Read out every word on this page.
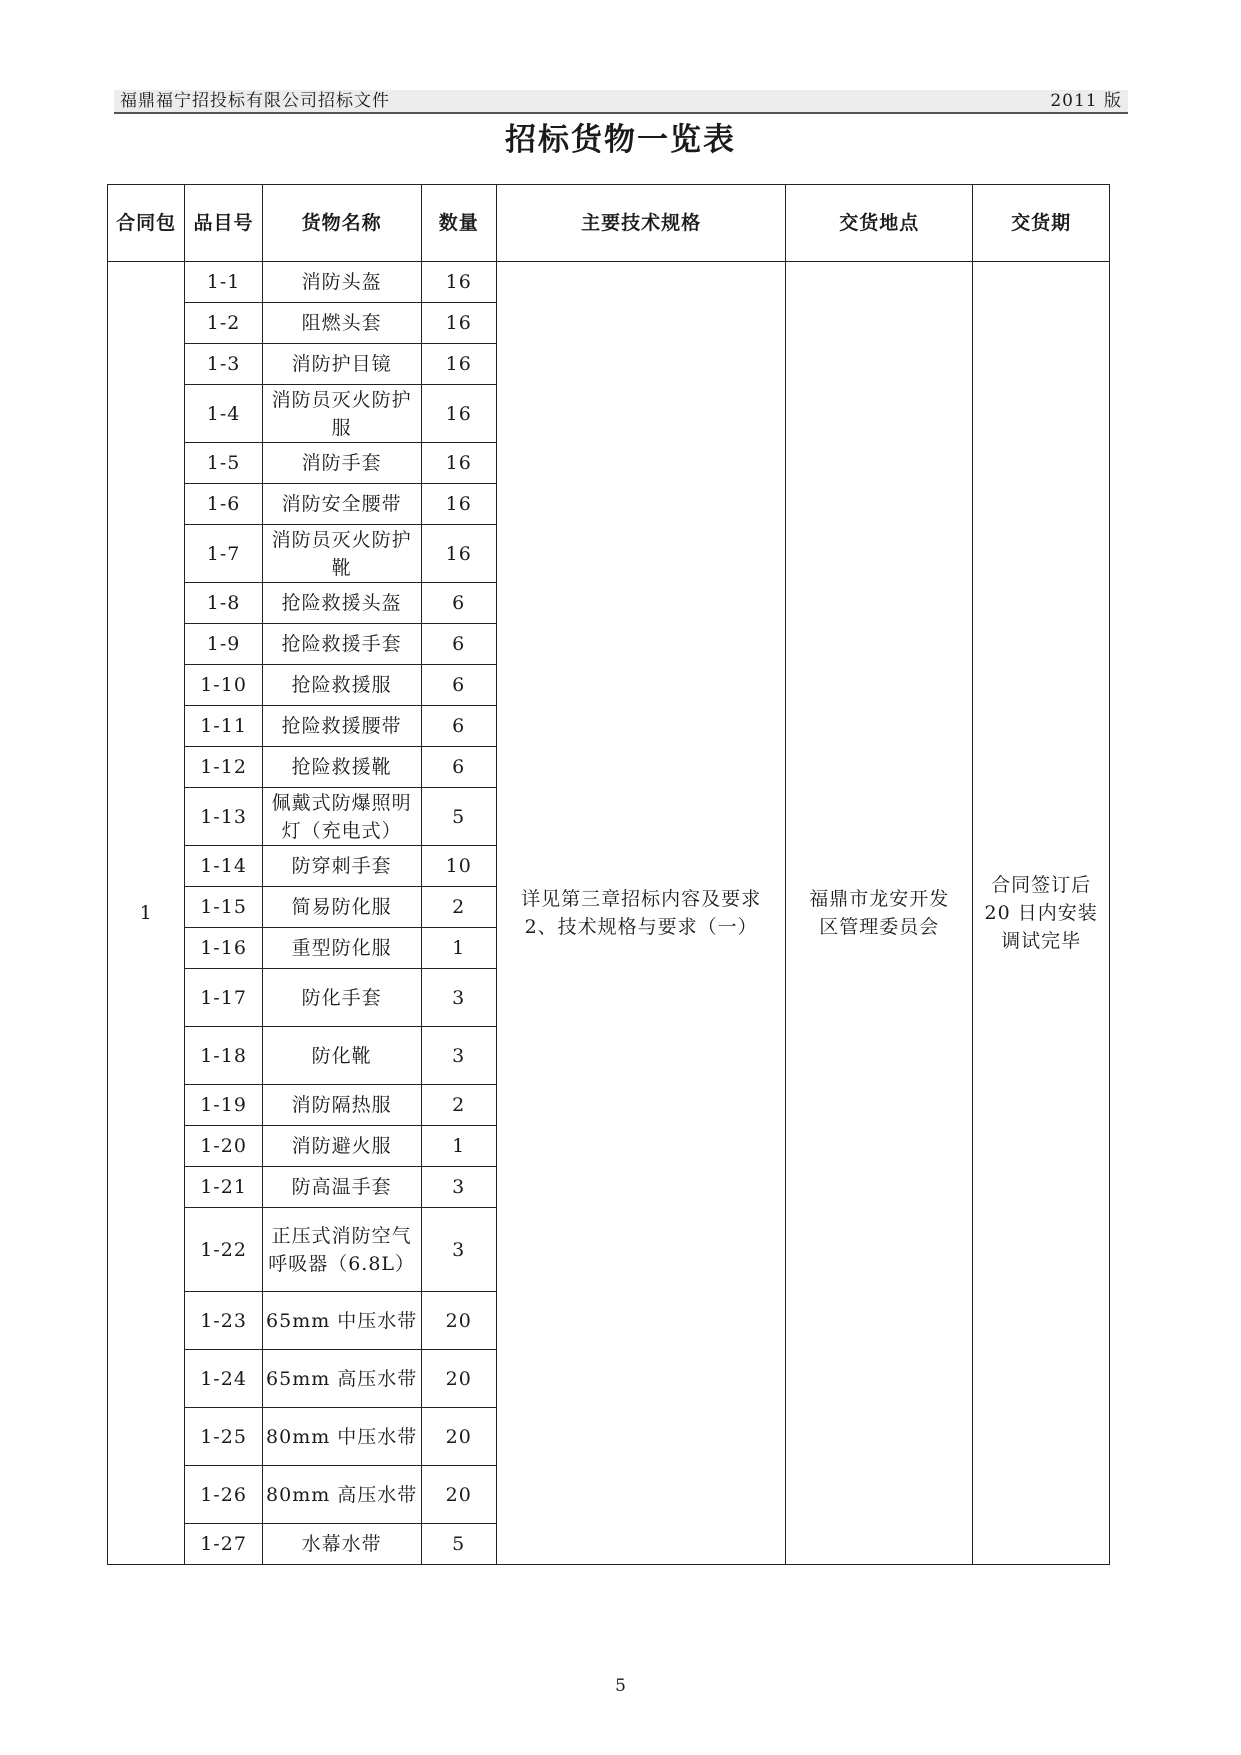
福鼎福宁招投标有限公司招标文件	2011 版
招标货物一览表
合同包	品目号	货物名称	数量	主要技术规格	交货地点	交货期
1	1-1	消防头盔	16	详见第三章招标内容及要求 2、技术规格与要求（一）	福鼎市龙安开发区管理委员会	合同签订后 20 日内安装调试完毕
	1-2	阻燃头套	16			
	1-3	消防护目镜	16			
	1-4	消防员灭火防护服	16			
	1-5	消防手套	16			
	1-6	消防安全腰带	16			
	1-7	消防员灭火防护靴	16			
	1-8	抢险救援头盔	6			
	1-9	抢险救援手套	6			
	1-10	抢险救援服	6			
	1-11	抢险救援腰带	6			
	1-12	抢险救援靴	6			
	1-13	佩戴式防爆照明灯（充电式）	5			
	1-14	防穿刺手套	10			
	1-15	简易防化服	2			
	1-16	重型防化服	1			
	1-17	防化手套	3			
	1-18	防化靴	3			
	1-19	消防隔热服	2			
	1-20	消防避火服	1			
	1-21	防高温手套	3			
	1-22	正压式消防空气呼吸器（6.8L）	3			
	1-23	65mm 中压水带	20			
	1-24	65mm 高压水带	20			
	1-25	80mm 中压水带	20			
	1-26	80mm 高压水带	20			
	1-27	水幕水带	5			
5
